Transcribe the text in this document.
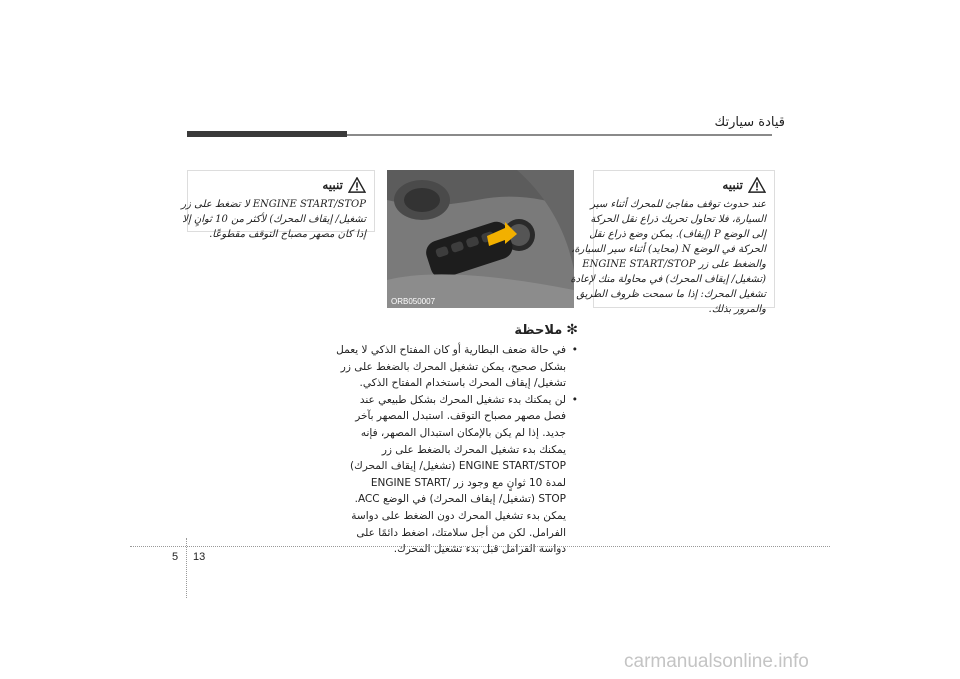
قيادة سيارتك
تنبيه
ENGINE START/STOP لا تضغط على زر
تشغيل/ إيقاف المحرك) لأكثر من 10 ثوانٍ إلا
إذا كان مصهر مصباح التوقف مقطوعًا.
ORB050007
تنبيه
عند حدوث توقف مفاجئ للمحرك أثناء سير
السيارة، فلا تحاول تحريك ذراع نقل الحركة
إلى الوضع P (إيقاف). يمكن وضع ذراع نقل
الحركة في الوضع N (محايد) أثناء سير السيارة،
والضغط على زر ENGINE START/STOP
(تشغيل/ إيقاف المحرك) في محاولة منك لإعادة
تشغيل المحرك: إذا ما سمحت ظروف الطريق
والمرور بذلك.
✻
ملاحظة
• في حالة ضعف البطارية أو كان المفتاح الذكي لا يعمل
بشكل صحيح، يمكن تشغيل المحرك بالضغط على زر
تشغيل/ إيقاف المحرك باستخدام المفتاح الذكي.
• لن يمكنك بدء تشغيل المحرك بشكل طبيعي عند
فصل مصهر مصباح التوقف. استبدل المصهر بآخر
جديد. إذا لم يكن بالإمكان استبدال المصهر، فإنه
يمكنك بدء تشغيل المحرك بالضغط على زر
ENGINE START/STOP (تشغيل/ إيقاف المحرك)
لمدة 10 ثوانٍ مع وجود زر /ENGINE START
STOP (تشغيل/ إيقاف المحرك) في الوضع ACC.
يمكن بدء تشغيل المحرك دون الضغط على دواسة
الفرامل. لكن من أجل سلامتك، اضغط دائمًا على
دواسة الفرامل قبل بدء تشغيل المحرك.
5 13
carmanualsonline.info
